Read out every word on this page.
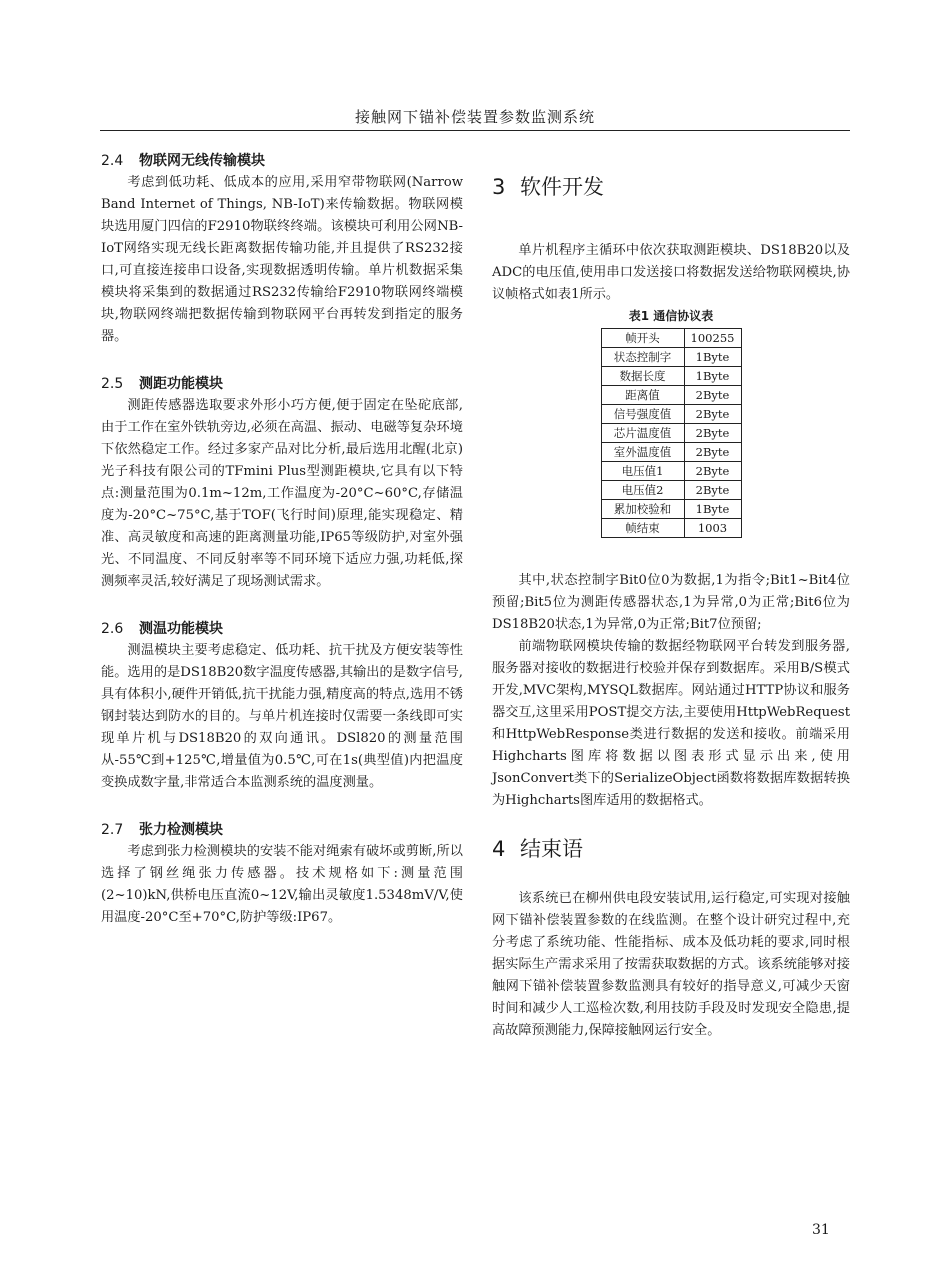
接触网下锚补偿装置参数监测系统
2.4 物联网无线传输模块

考虑到低功耗、低成本的应用,采用窄带物联网(Narrow Band Internet of Things, NB-IoT)来传输数据。物联网模块选用厦门四信的F2910物联终终端。该模块可利用公网NB-IoT网络实现无线长距离数据传输功能,并且提供了RS232接口,可直接连接串口设备,实现数据透明传输。单片机数据采集模块将采集到的数据通过RS232传输给F2910物联网终端模块,物联网终端把数据传输到物联网平台再转发到指定的服务器。

2.5 测距功能模块

测距传感器选取要求外形小巧方便,便于固定在坠砣底部,由于工作在室外铁轨旁边,必须在高温、振动、电磁等复杂环境下依然稳定工作。经过多家产品对比分析,最后选用北醒(北京)光子科技有限公司的TFmini Plus型测距模块,它具有以下特点:测量范围为0.1m~12m,工作温度为-20°C~60°C,存储温度为-20°C~75°C,基于TOF(飞行时间)原理,能实现稳定、精准、高灵敏度和高速的距离测量功能,IP65等级防护,对室外强光、不同温度、不同反射率等不同环境下适应力强,功耗低,探测频率灵活,较好满足了现场测试需求。

2.6 测温功能模块

测温模块主要考虑稳定、低功耗、抗干扰及方便安装等性能。选用的是DS18B20数字温度传感器,其输出的是数字信号,具有体积小,硬件开销低,抗干扰能力强,精度高的特点,选用不锈钢封装达到防水的目的。与单片机连接时仅需要一条线即可实现单片机与DS18B20的双向通讯。DSl820的测量范围从-55℃到+125℃,增量值为0.5℃,可在1s(典型值)内把温度变换成数字量,非常适合本监测系统的温度测量。

2.7 张力检测模块

考虑到张力检测模块的安装不能对绳索有破坏或剪断,所以选择了钢丝绳张力传感器。技术规格如下:测量范围(2~10)kN,供桥电压直流0~12V,输出灵敏度1.5348mV/V,使用温度-20°C至+70°C,防护等级:IP67。

3 软件开发

单片机程序主循环中依次获取测距模块、DS18B20以及ADC的电压值,使用串口发送接口将数据发送给物联网模块,协议帧格式如表1所示。

表1 通信协议表
帧开头	100255
状态控制字	1Byte
数据长度	1Byte
距离值	2Byte
信号强度值	2Byte
芯片温度值	2Byte
室外温度值	2Byte
电压值1	2Byte
电压值2	2Byte
累加校验和	1Byte
帧结束	1003

其中,状态控制字Bit0位0为数据,1为指令;Bit1~Bit4位预留;Bit5位为测距传感器状态,1为异常,0为正常;Bit6位为DS18B20状态,1为异常,0为正常;Bit7位预留;

前端物联网模块传输的数据经物联网平台转发到服务器,服务器对接收的数据进行校验并保存到数据库。采用B/S模式开发,MVC架构,MYSQL数据库。网站通过HTTP协议和服务器交互,这里采用POST提交方法,主要使用HttpWebRequest和HttpWebResponse类进行数据的发送和接收。前端采用Highcharts图库将数据以图表形式显示出来,使用JsonConvert类下的SerializeObject函数将数据库数据转换为Highcharts图库适用的数据格式。

4 结束语

该系统已在柳州供电段安装试用,运行稳定,可实现对接触网下锚补偿装置参数的在线监测。在整个设计研究过程中,充分考虑了系统功能、性能指标、成本及低功耗的要求,同时根据实际生产需求采用了按需获取数据的方式。该系统能够对接触网下锚补偿装置参数监测具有较好的指导意义,可减少天窗时间和减少人工巡检次数,利用技防手段及时发现安全隐患,提高故障预测能力,保障接触网运行安全。

31
